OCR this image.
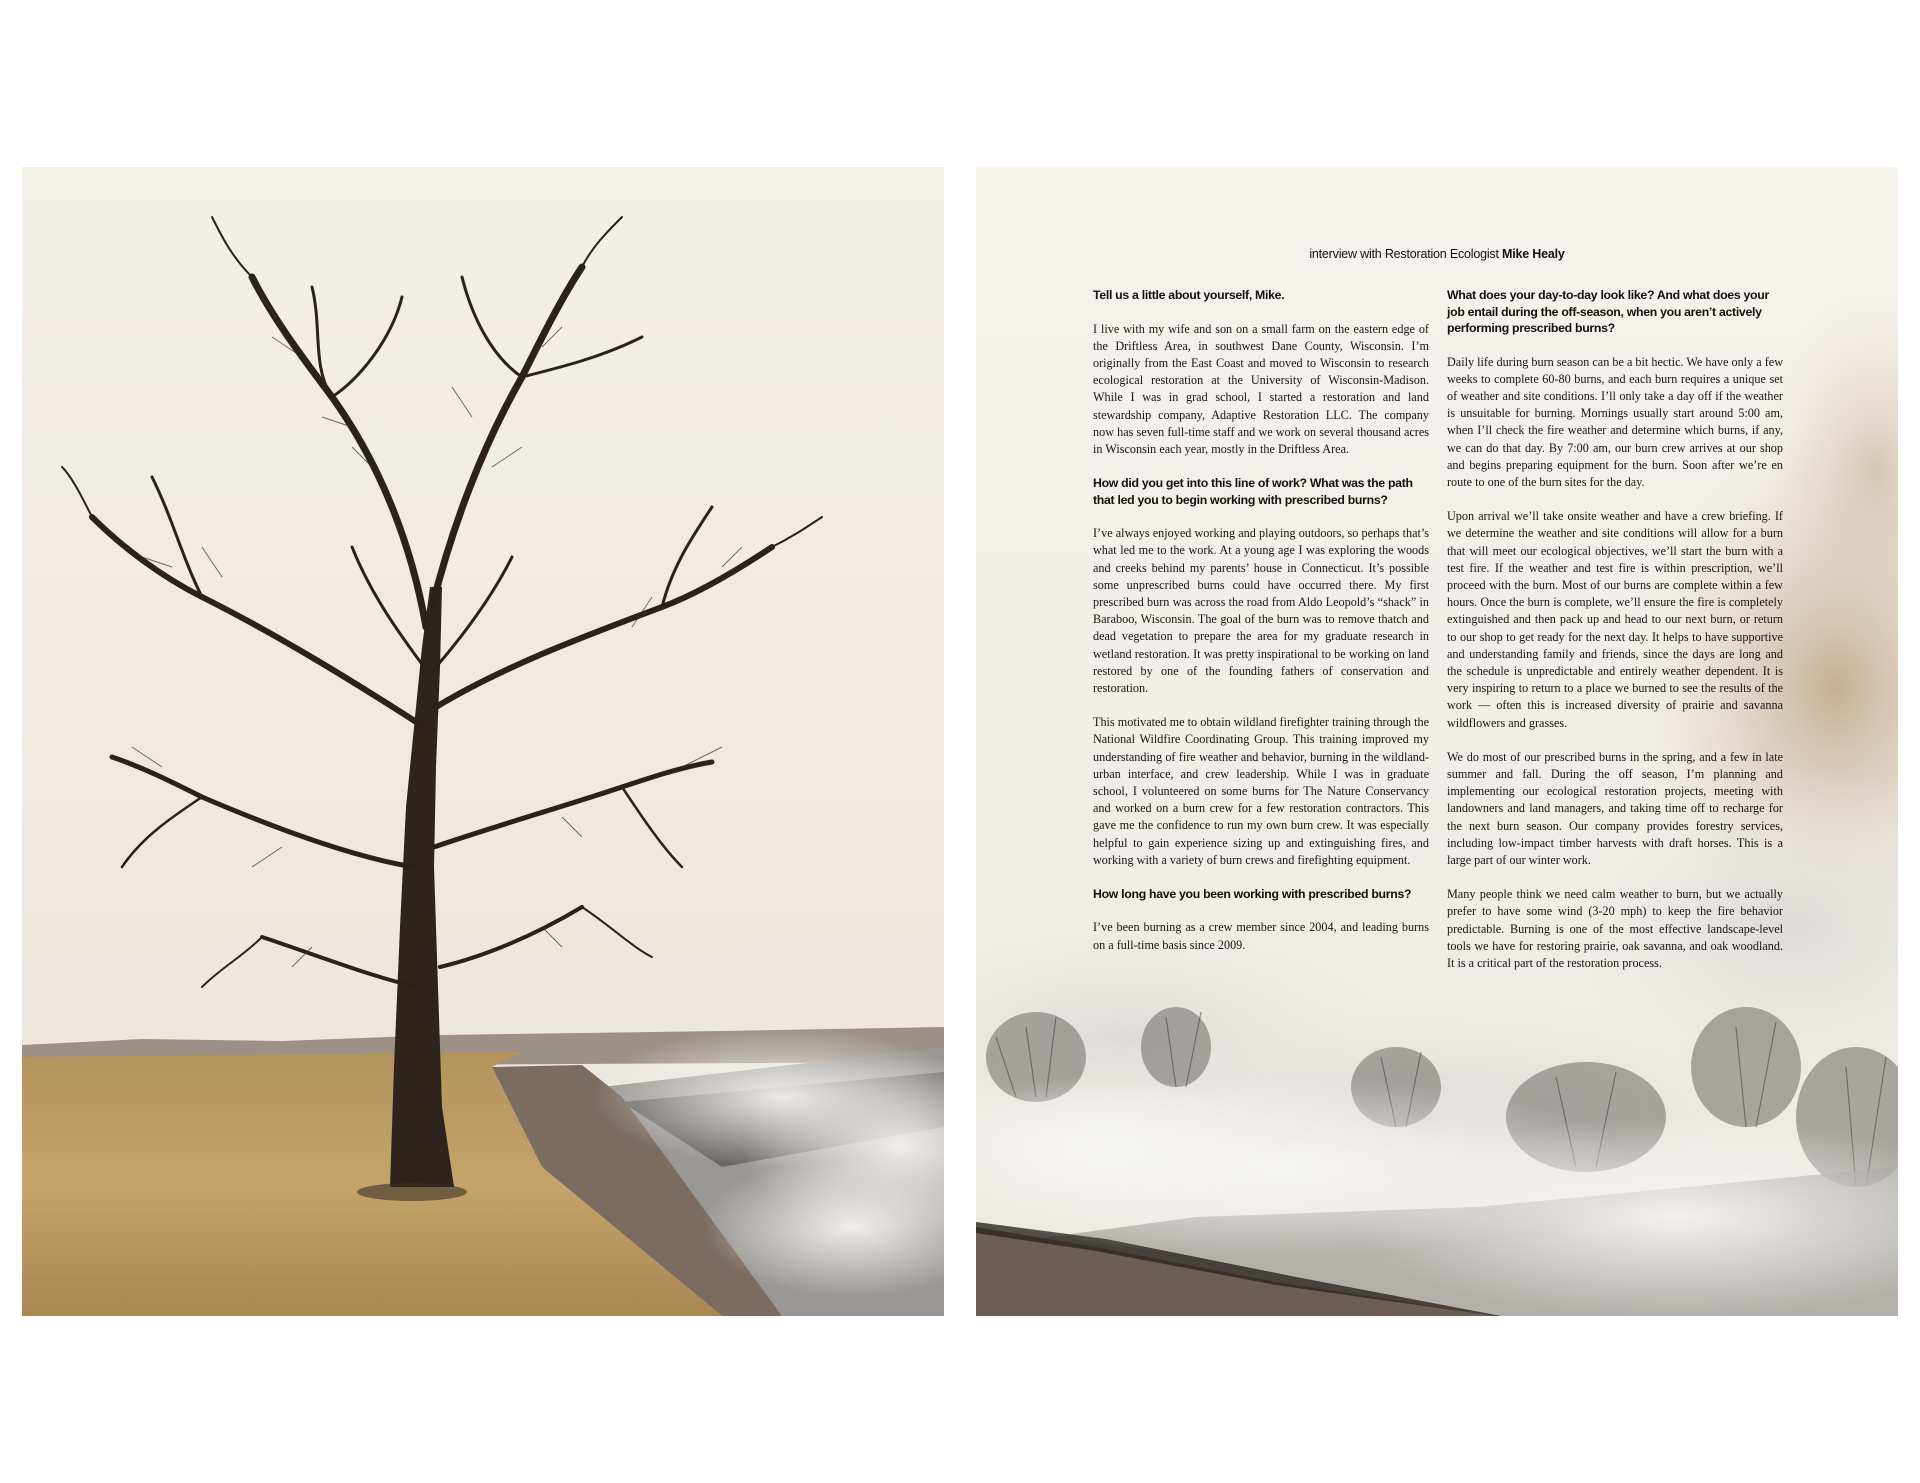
interview with Restoration Ecologist Mike Healy
Tell us a little about yourself, Mike.

I live with my wife and son on a small farm on the eastern edge of the Driftless Area, in southwest Dane County, Wisconsin. I’m originally from the East Coast and moved to Wisconsin to research ecological restoration at the University of Wisconsin-Madison. While I was in grad school, I started a restoration and land stewardship company, Adaptive Restoration LLC. The company now has seven full-time staff and we work on several thousand acres in Wisconsin each year, mostly in the Driftless Area.

How did you get into this line of work? What was the path that led you to begin working with prescribed burns?

I’ve always enjoyed working and playing outdoors, so perhaps that’s what led me to the work. At a young age I was exploring the woods and creeks behind my parents’ house in Connecticut. It’s possible some unprescribed burns could have occurred there. My first prescribed burn was across the road from Aldo Leopold’s “shack” in Baraboo, Wisconsin. The goal of the burn was to remove thatch and dead vegetation to prepare the area for my graduate research in wetland restoration. It was pretty inspirational to be working on land restored by one of the founding fathers of conservation and restoration.

This motivated me to obtain wildland firefighter training through the National Wildfire Coordinating Group. This training improved my understanding of fire weather and behavior, burning in the wildland-urban interface, and crew leadership. While I was in graduate school, I volunteered on some burns for The Nature Conservancy and worked on a burn crew for a few restoration contractors. This gave me the confidence to run my own burn crew. It was especially helpful to gain experience sizing up and extinguishing fires, and working with a variety of burn crews and firefighting equipment.

How long have you been working with prescribed burns?

I’ve been burning as a crew member since 2004, and leading burns on a full-time basis since 2009.

What does your day-to-day look like? And what does your job entail during the off-season, when you aren’t actively performing prescribed burns?

Daily life during burn season can be a bit hectic. We have only a few weeks to complete 60-80 burns, and each burn requires a unique set of weather and site conditions. I’ll only take a day off if the weather is unsuitable for burning. Mornings usually start around 5:00 am, when I’ll check the fire weather and determine which burns, if any, we can do that day. By 7:00 am, our burn crew arrives at our shop and begins preparing equipment for the burn. Soon after we’re en route to one of the burn sites for the day.

Upon arrival we’ll take onsite weather and have a crew briefing. If we determine the weather and site conditions will allow for a burn that will meet our ecological objectives, we’ll start the burn with a test fire. If the weather and test fire is within prescription, we’ll proceed with the burn. Most of our burns are complete within a few hours. Once the burn is complete, we’ll ensure the fire is completely extinguished and then pack up and head to our next burn, or return to our shop to get ready for the next day. It helps to have supportive and understanding family and friends, since the days are long and the schedule is unpredictable and entirely weather dependent. It is very inspiring to return to a place we burned to see the results of the work — often this is increased diversity of prairie and savanna wildflowers and grasses.

We do most of our prescribed burns in the spring, and a few in late summer and fall. During the off season, I’m planning and implementing our ecological restoration projects, meeting with landowners and land managers, and taking time off to recharge for the next burn season. Our company provides forestry services, including low-impact timber harvests with draft horses. This is a large part of our winter work.

Many people think we need calm weather to burn, but we actually prefer to have some wind (3-20 mph) to keep the fire behavior predictable. Burning is one of the most effective landscape-level tools we have for restoring prairie, oak savanna, and oak woodland. It is a critical part of the restoration process.
